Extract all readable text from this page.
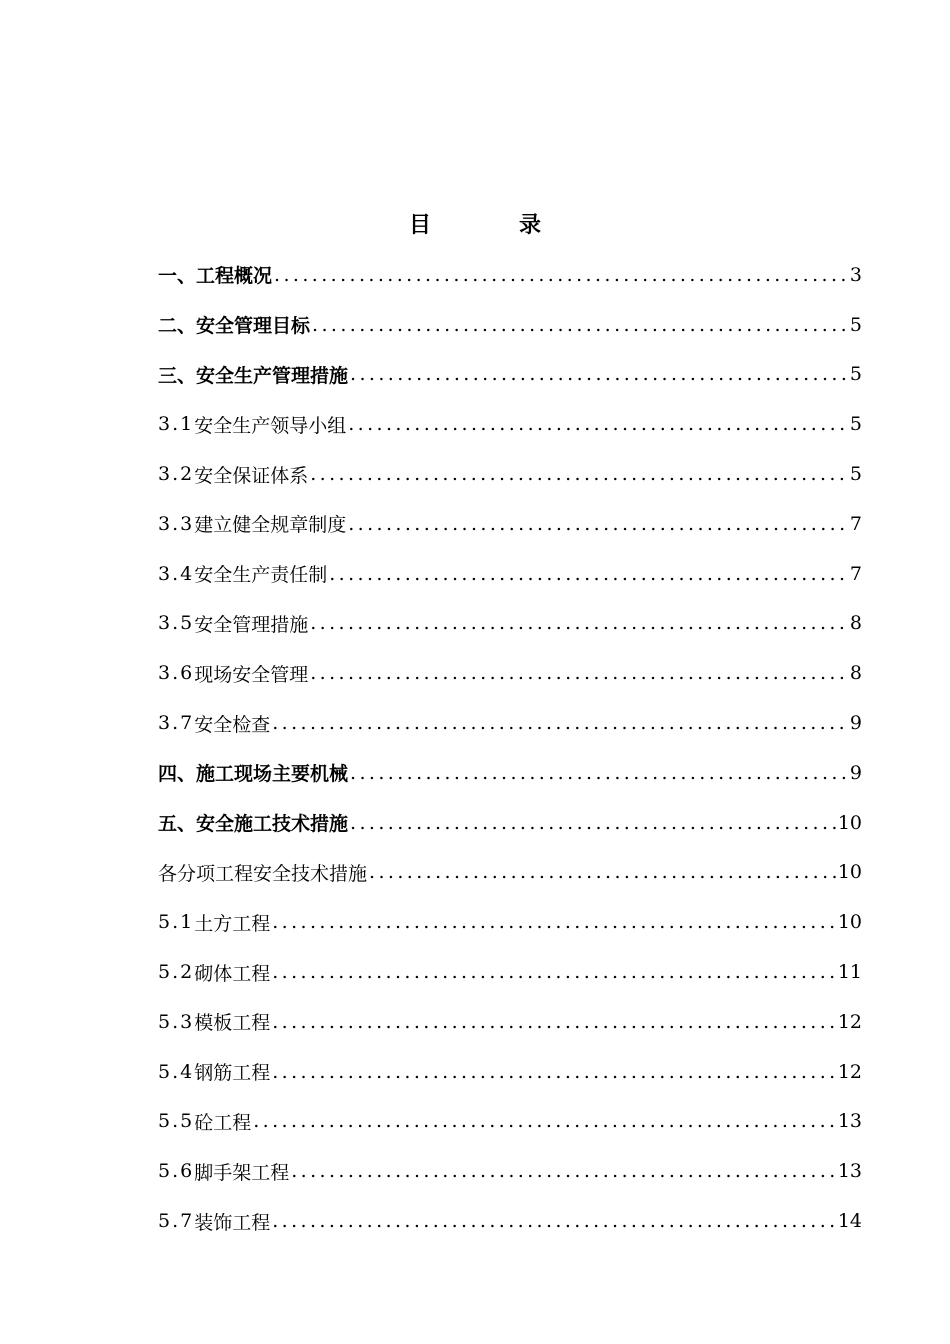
目	录
一、工程概况 .....	3
二、安全管理目标 .....	5
三、安全生产管理措施 .....	5
3.1 安全生产领导小组 .....	5
3.2 安全保证体系 .....	5
3.3 建立健全规章制度 .....	7
3.4 安全生产责任制 .....	7
3.5 安全管理措施 .....	8
3.6 现场安全管理 .....	8
3.7 安全检查 .....	9
四、施工现场主要机械 .....	9
五、安全施工技术措施 .....	10
各分项工程安全技术措施 .....	10
5.1 土方工程 .....	10
5.2 砌体工程 .....	11
5.3 模板工程 .....	12
5.4 钢筋工程 .....	12
5.5 砼工程 .....	13
5.6 脚手架工程 .....	13
5.7 装饰工程 .....	14
